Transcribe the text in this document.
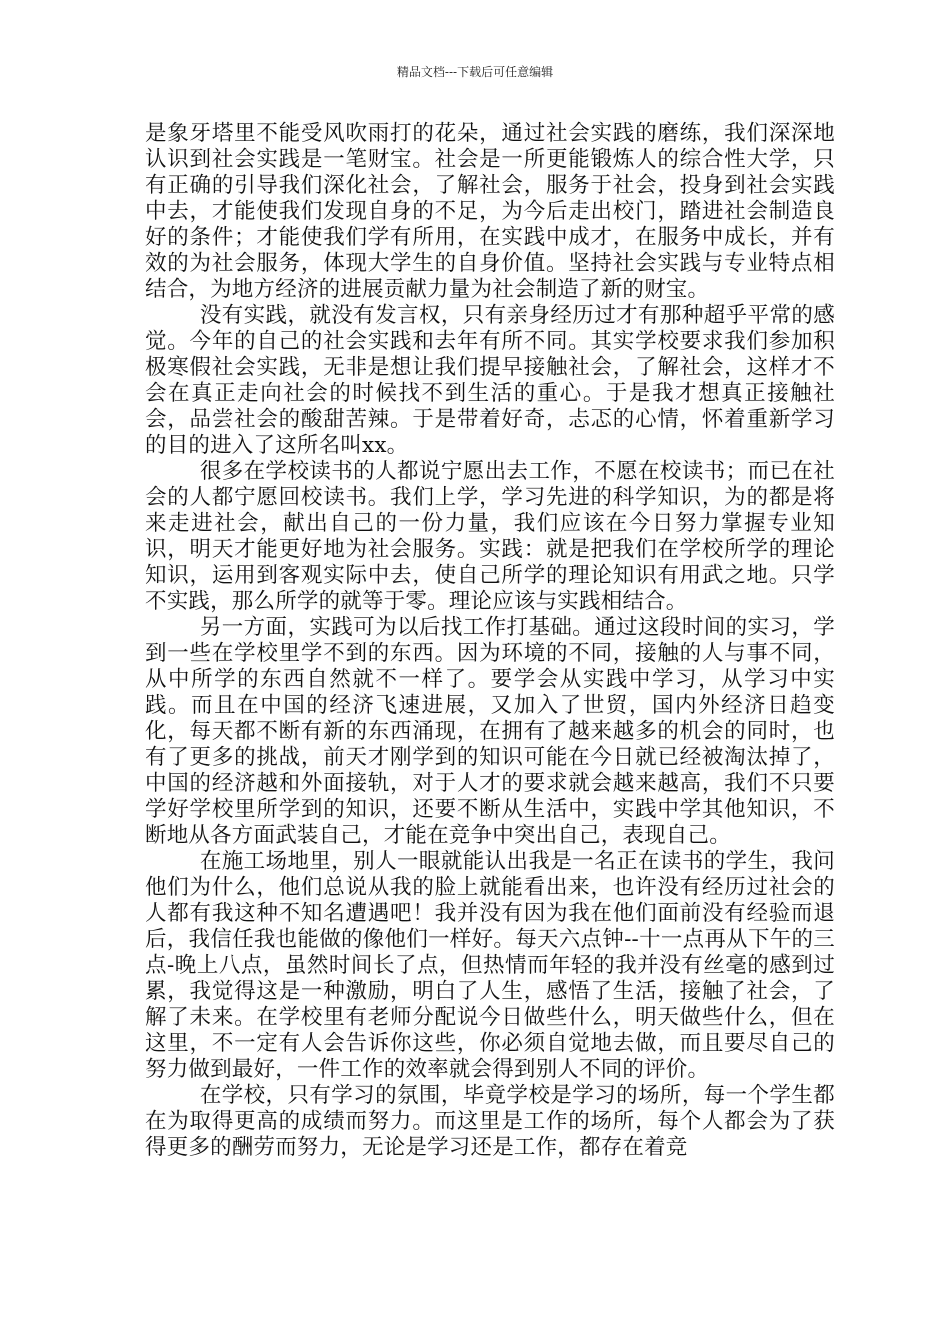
精品文档---下载后可任意编辑

是象牙塔里不能受风吹雨打的花朵，通过社会实践的磨练，我们深深地认识到社会实践是一笔财宝。社会是一所更能锻炼人的综合性大学，只有正确的引导我们深化社会，了解社会，服务于社会，投身到社会实践中去，才能使我们发现自身的不足，为今后走出校门，踏进社会制造良好的条件；才能使我们学有所用，在实践中成才，在服务中成长，并有效的为社会服务，体现大学生的自身价值。坚持社会实践与专业特点相结合，为地方经济的进展贡献力量为社会制造了新的财宝。

没有实践，就没有发言权，只有亲身经历过才有那种超乎平常的感觉。今年的自己的社会实践和去年有所不同。其实学校要求我们参加积极寒假社会实践，无非是想让我们提早接触社会，了解社会，这样才不会在真正走向社会的时候找不到生活的重心。于是我才想真正接触社会，品尝社会的酸甜苦辣。于是带着好奇，忐忑的心情，怀着重新学习的目的进入了这所名叫xx。

很多在学校读书的人都说宁愿出去工作，不愿在校读书；而已在社会的人都宁愿回校读书。我们上学，学习先进的科学知识，为的都是将来走进社会，献出自己的一份力量，我们应该在今日努力掌握专业知识，明天才能更好地为社会服务。实践：就是把我们在学校所学的理论知识，运用到客观实际中去，使自己所学的理论知识有用武之地。只学不实践，那么所学的就等于零。理论应该与实践相结合。

另一方面，实践可为以后找工作打基础。通过这段时间的实习，学到一些在学校里学不到的东西。因为环境的不同，接触的人与事不同，从中所学的东西自然就不一样了。要学会从实践中学习，从学习中实践。而且在中国的经济飞速进展，又加入了世贸，国内外经济日趋变化，每天都不断有新的东西涌现，在拥有了越来越多的机会的同时，也有了更多的挑战，前天才刚学到的知识可能在今日就已经被淘汰掉了，中国的经济越和外面接轨，对于人才的要求就会越来越高，我们不只要学好学校里所学到的知识，还要不断从生活中，实践中学其他知识，不断地从各方面武装自己，才能在竞争中突出自己，表现自己。

在施工场地里，别人一眼就能认出我是一名正在读书的学生，我问他们为什么，他们总说从我的脸上就能看出来，也许没有经历过社会的人都有我这种不知名遭遇吧！我并没有因为我在他们面前没有经验而退后，我信任我也能做的像他们一样好。每天六点钟--十一点再从下午的三点-晚上八点，虽然时间长了点，但热情而年轻的我并没有丝毫的感到过累，我觉得这是一种激励，明白了人生，感悟了生活，接触了社会，了解了未来。在学校里有老师分配说今日做些什么，明天做些什么，但在这里，不一定有人会告诉你这些，你必须自觉地去做，而且要尽自己的努力做到最好，一件工作的效率就会得到别人不同的评价。

在学校，只有学习的氛围，毕竟学校是学习的场所，每一个学生都在为取得更高的成绩而努力。而这里是工作的场所，每个人都会为了获得更多的酬劳而努力，无论是学习还是工作，都存在着竞
